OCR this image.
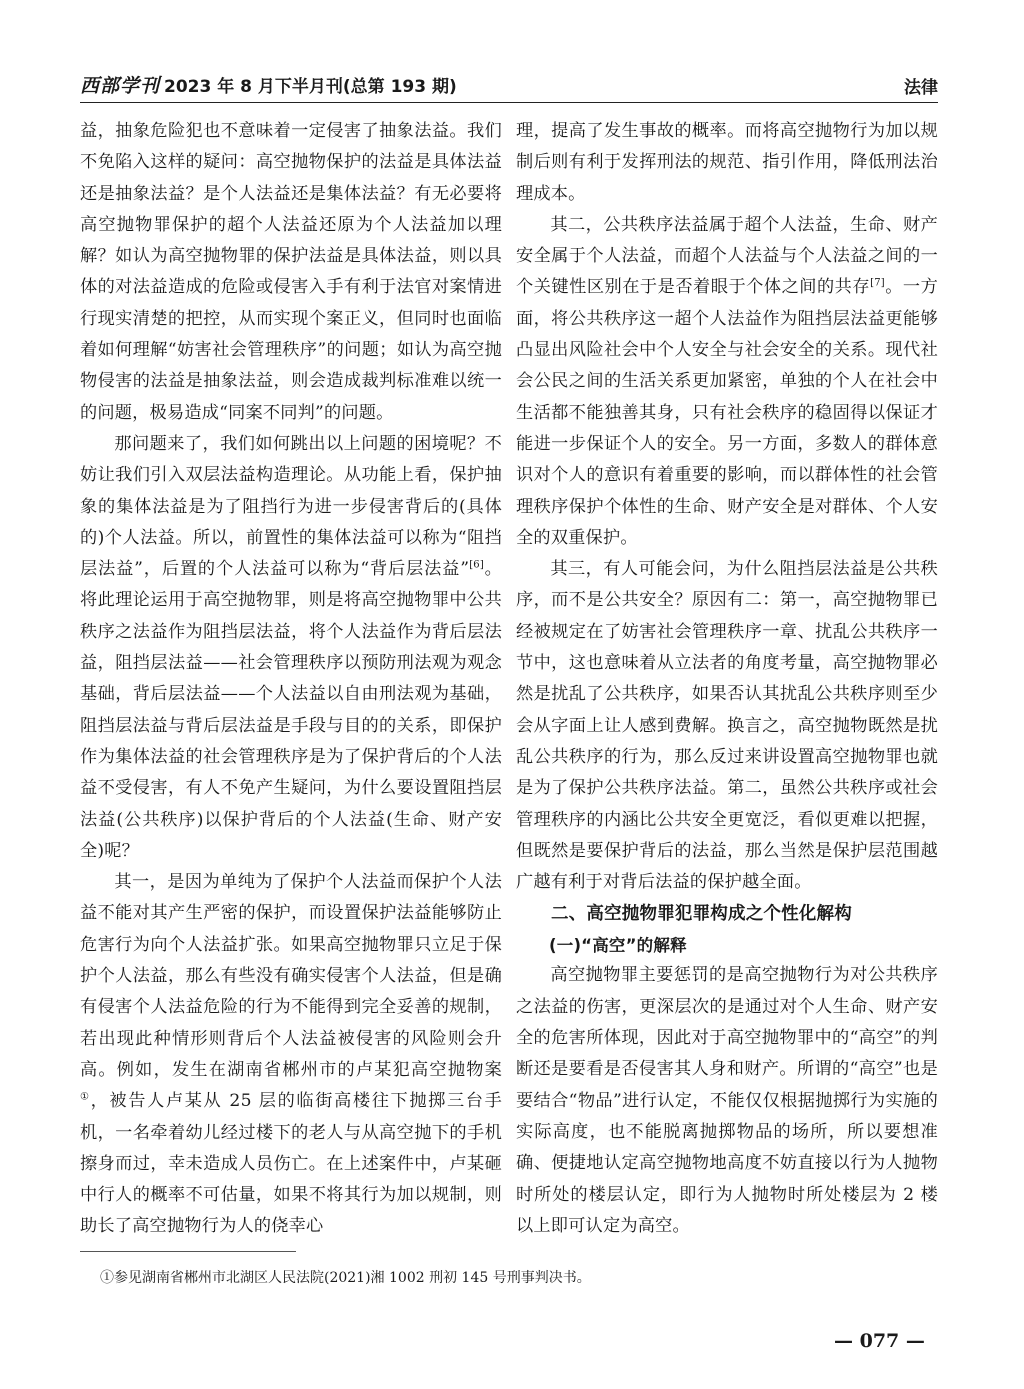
西部学刊 2023 年 8 月下半月刊(总第 193 期)	法律

益，抽象危险犯也不意味着一定侵害了抽象法益。我们不免陷入这样的疑问：高空抛物保护的法益是具体法益还是抽象法益？是个人法益还是集体法益？有无必要将高空抛物罪保护的超个人法益还原为个人法益加以理解？如认为高空抛物罪的保护法益是具体法益，则以具体的对法益造成的危险或侵害入手有利于法官对案情进行现实清楚的把控，从而实现个案正义，但同时也面临着如何理解“妨害社会管理秩序”的问题；如认为高空抛物侵害的法益是抽象法益，则会造成裁判标准难以统一的问题，极易造成“同案不同判”的问题。

那问题来了，我们如何跳出以上问题的困境呢？不妨让我们引入双层法益构造理论。从功能上看，保护抽象的集体法益是为了阻挡行为进一步侵害背后的(具体的)个人法益。所以，前置性的集体法益可以称为“阻挡层法益”，后置的个人法益可以称为“背后层法益”[6]。将此理论运用于高空抛物罪，则是将高空抛物罪中公共秩序之法益作为阻挡层法益，将个人法益作为背后层法益，阻挡层法益——社会管理秩序以预防刑法观为观念基础，背后层法益——个人法益以自由刑法观为基础，阻挡层法益与背后层法益是手段与目的的关系，即保护作为集体法益的社会管理秩序是为了保护背后的个人法益不受侵害，有人不免产生疑问，为什么要设置阻挡层法益(公共秩序)以保护背后的个人法益(生命、财产安全)呢？

其一，是因为单纯为了保护个人法益而保护个人法益不能对其产生严密的保护，而设置保护法益能够防止危害行为向个人法益扩张。如果高空抛物罪只立足于保护个人法益，那么有些没有确实侵害个人法益，但是确有侵害个人法益危险的行为不能得到完全妥善的规制，若出现此种情形则背后个人法益被侵害的风险则会升高。例如，发生在湖南省郴州市的卢某犯高空抛物案①，被告人卢某从 25 层的临街高楼往下抛掷三台手机，一名牵着幼儿经过楼下的老人与从高空抛下的手机擦身而过，幸未造成人员伤亡。在上述案件中，卢某砸中行人的概率不可估量，如果不将其行为加以规制，则助长了高空抛物行为人的侥幸心

理，提高了发生事故的概率。而将高空抛物行为加以规制后则有利于发挥刑法的规范、指引作用，降低刑法治理成本。

其二，公共秩序法益属于超个人法益，生命、财产安全属于个人法益，而超个人法益与个人法益之间的一个关键性区别在于是否着眼于个体之间的共存[7]。一方面，将公共秩序这一超个人法益作为阻挡层法益更能够凸显出风险社会中个人安全与社会安全的关系。现代社会公民之间的生活关系更加紧密，单独的个人在社会中生活都不能独善其身，只有社会秩序的稳固得以保证才能进一步保证个人的安全。另一方面，多数人的群体意识对个人的意识有着重要的影响，而以群体性的社会管理秩序保护个体性的生命、财产安全是对群体、个人安全的双重保护。

其三，有人可能会问，为什么阻挡层法益是公共秩序，而不是公共安全？原因有二：第一，高空抛物罪已经被规定在了妨害社会管理秩序一章、扰乱公共秩序一节中，这也意味着从立法者的角度考量，高空抛物罪必然是扰乱了公共秩序，如果否认其扰乱公共秩序则至少会从字面上让人感到费解。换言之，高空抛物既然是扰乱公共秩序的行为，那么反过来讲设置高空抛物罪也就是为了保护公共秩序法益。第二，虽然公共秩序或社会管理秩序的内涵比公共安全更宽泛，看似更难以把握，但既然是要保护背后的法益，那么当然是保护层范围越广越有利于对背后法益的保护越全面。

二、高空抛物罪犯罪构成之个性化解构

(一)“高空”的解释

高空抛物罪主要惩罚的是高空抛物行为对公共秩序之法益的伤害，更深层次的是通过对个人生命、财产安全的危害所体现，因此对于高空抛物罪中的“高空”的判断还是要看是否侵害其人身和财产。所谓的“高空”也是要结合“物品”进行认定，不能仅仅根据抛掷行为实施的实际高度，也不能脱离抛掷物品的场所，所以要想准确、便捷地认定高空抛物地高度不妨直接以行为人抛物时所处的楼层认定，即行为人抛物时所处楼层为 2 楼以上即可认定为高空。

①参见湖南省郴州市北湖区人民法院(2021)湘 1002 刑初 145 号刑事判决书。
— 077 —
